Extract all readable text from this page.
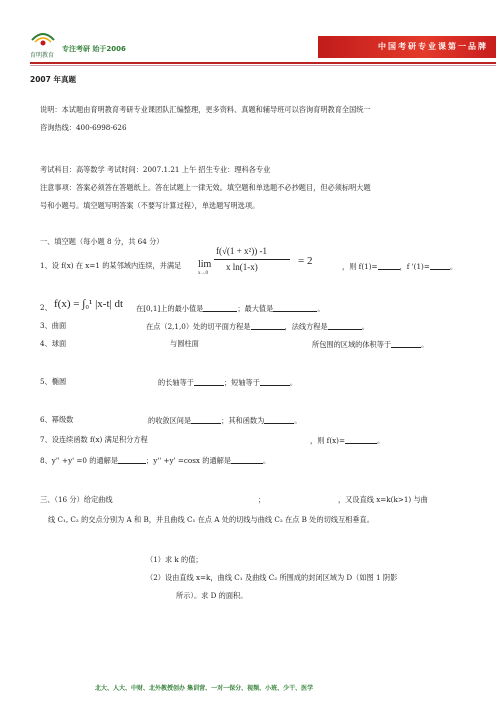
育明教育
专注考研 始于2006	中国考研专业课第一品牌
2007 年真题
说明：本试题由育明教育考研专业课团队汇编整理，更多资料、真题和辅导班可以咨询育明教育全国统一
咨询热线：400-6998-626
考试科目：高等数学 考试时间：2007.1.21 上午 招生专业：理科各专业
注意事项：答案必须答在答题纸上。答在试题上一律无效。填空题和单选题不必抄题目，但必须标明大题
号和小题号。填空题写明答案（不要写计算过程），单选题写明选项。
一、填空题（每小题 8 分，共 64 分）
1、设 f(x) 在 x=1 的某邻域内连续，并满足 lim
x→0
f(√(1 + x²)) -1
x ln(1-x)	= 2	，则 f(1)=	，f '(1)=	。
2、 f(x) = ∫₀¹ |x-t| dt 在[0,1]上的最小值是	；最大值是	。
3、曲面	在点（2,1,0）处的切平面方程是	，法线方程是	。
4、球面	与圆柱面	所包围的区域的体积等于	。
5、椭圆	的长轴等于	；短轴等于	。
6、幂级数	的收敛区间是	；其和函数为	。
7、设连续函数 f(x) 满足积分方程	，则 f(x)=	。
8、y'' +y' =0 的通解是	；y'' +y' =cosx 的通解是	。
三、（16 分）给定曲线	；	，又设直线 x=k(k>1) 与曲
线 C₁, C₂ 的交点分别为 A 和 B，并且曲线 C₁ 在点 A 处的切线与曲线 C₂ 在点 B 处的切线互相垂直。
（1）求 k 的值；
（2）设由直线 x=k，曲线 C₁ 及曲线 C₂ 所围成的封闭区域为 D（如图 1 阴影
所示）。求 D 的面积。
北大、人大、中财、北外教授创办 集训营、一对一保分、视频、小班、少干、医学
